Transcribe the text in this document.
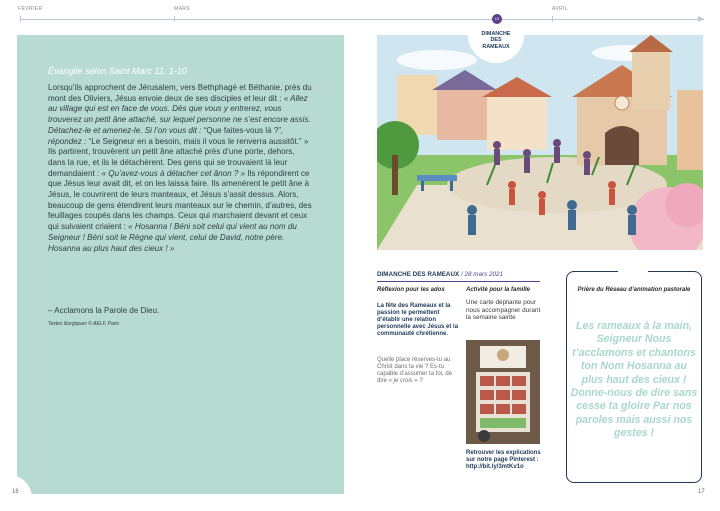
FÉVRIER	MARS	AVRIL
13
Évangile selon Saint Marc 11, 1-10
Lorsqu’ils approchent de Jérusalem, vers Bethphagé et Béthanie, près du mont des Oliviers, Jésus envoie deux de ses disciples et leur dit : « Allez au village qui est en face de vous. Dès que vous y entrerez, vous trouverez un petit âne attaché, sur lequel personne ne s’est encore assis. Détachez-le et amenez-le. Si l’on vous dit : “Que faites-vous là ?”, répondez : “Le Seigneur en a besoin, mais il vous le renverra aussitôt.” » Ils partirent, trouvèrent un petit âne attaché près d’une porte, dehors, dans la rue, et ils le détachèrent. Des gens qui se trouvaient là leur demandaient : « Qu’avez-vous à détacher cet ânon ? » Ils répondirent ce que Jésus leur avait dit, et on les laissa faire. Ils amenèrent le petit âne à Jésus, le couvrirent de leurs manteaux, et Jésus s’assit dessus. Alors, beaucoup de gens étendirent leurs manteaux sur le chemin, d’autres, des feuillages coupés dans les champs. Ceux qui marchaient devant et ceux qui suivaient criaient : « Hosanna ! Béni soit celui qui vient au nom du Seigneur ! Béni soit le Règne qui vient, celui de David, notre père. Hosanna au plus haut des cieux ! »
– Acclamons la Parole de Dieu.
Textes liturgiques © AELF, Paris
16	17
DIMANCHE
DES
RAMEAUX
DIMANCHE DES RAMEAUX / 28 mars 2021
Réflexion pour les ados
La fête des Rameaux et la passion te permettent d’établir une relation personnelle avec Jésus et la communauté chrétienne.
Quelle place réserves-tu au Christ dans ta vie ? Es-tu capable d’assumer ta foi, de dire « je crois » ?
Activité pour la famille
Une carte dépliante pour nous accompagner durant la semaine sainte
Retrouver les explications sur notre page Pinterest : http://bit.ly/3mtKv1o
Prière du Réseau d’animation pastorale
Les rameaux à la main, Seigneur Nous t’acclamons et chantons ton Nom Hosanna au plus haut des cieux ! Donne-nous de dire sans cesse ta gloire Par nos paroles mais aussi nos gestes !
